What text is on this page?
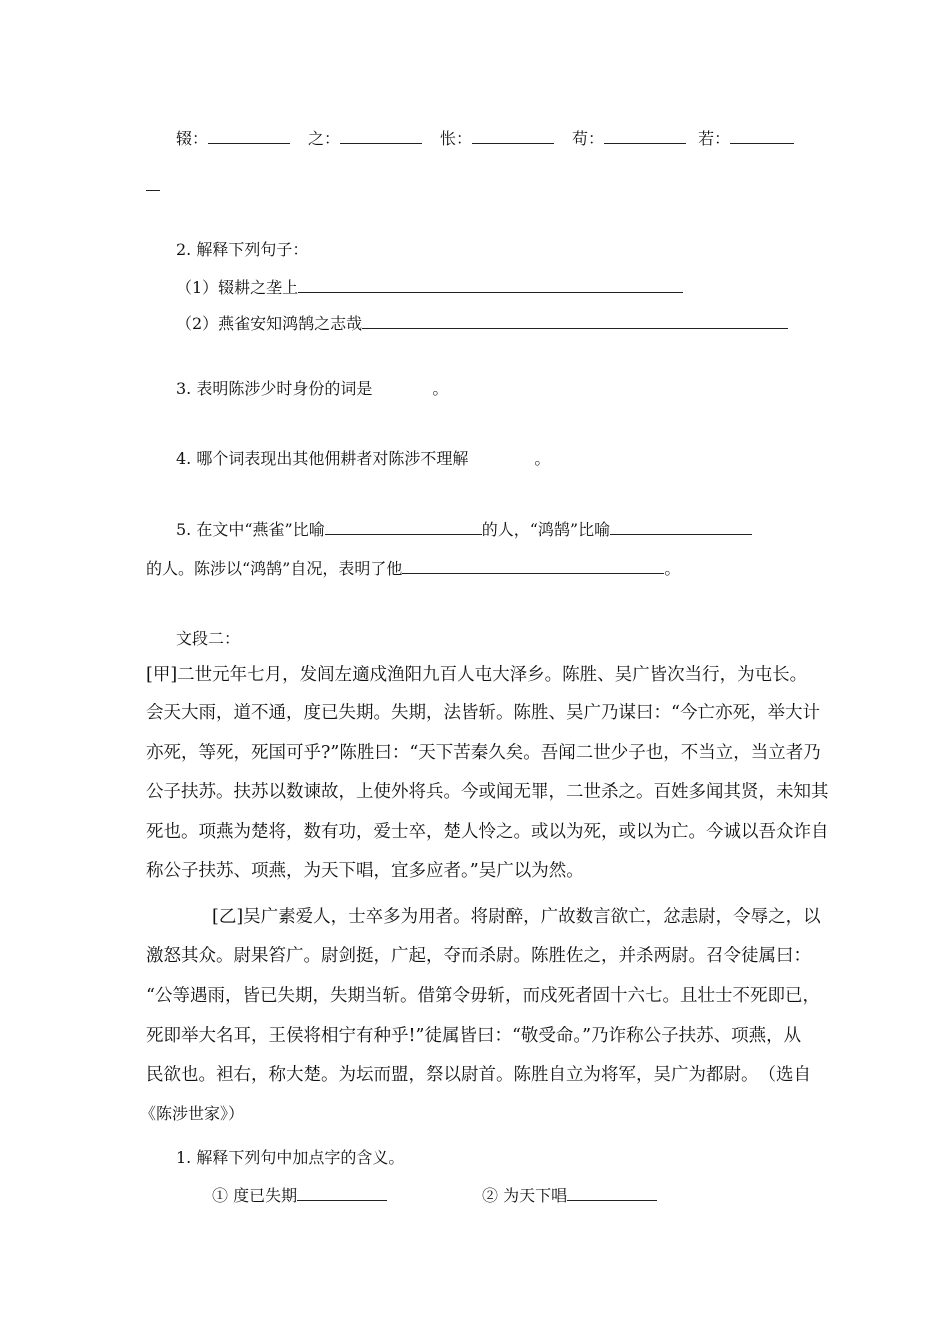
辍：	之：	怅：	苟：	若：
2. 解释下列句子：
（1）辍耕之垄上
（2）燕雀安知鸿鹄之志哉
3. 表明陈涉少时身份的词是	。
4. 哪个词表现出其他佣耕者对陈涉不理解	。
5. 在文中“燕雀”比喻	的人，“鸿鹄”比喻
的人。陈涉以“鸿鹄”自况，表明了他	。
文段二：
[甲]二世元年七月，发闾左適戍渔阳九百人屯大泽乡。陈胜、吴广皆次当行，为屯长。
会天大雨，道不通，度已失期。失期，法皆斩。陈胜、吴广乃谋曰：“今亡亦死，举大计
亦死，等死，死国可乎?”陈胜曰：“天下苦秦久矣。吾闻二世少子也，不当立，当立者乃
公子扶苏。扶苏以数谏故，上使外将兵。今或闻无罪，二世杀之。百姓多闻其贤，未知其
死也。项燕为楚将，数有功，爱士卒，楚人怜之。或以为死，或以为亡。今诚以吾众诈自
称公子扶苏、项燕，为天下唱，宜多应者。”吴广以为然。
[乙]吴广素爱人，士卒多为用者。将尉醉，广故数言欲亡，忿恚尉，令辱之，以
激怒其众。尉果笞广。尉剑挺，广起，夺而杀尉。陈胜佐之，并杀两尉。召令徒属曰：
“公等遇雨，皆已失期，失期当斩。借第令毋斩，而戍死者固十六七。且壮士不死即已，
死即举大名耳，王侯将相宁有种乎!”徒属皆曰：“敬受命。”乃诈称公子扶苏、项燕，从
民欲也。袒右，称大楚。为坛而盟，祭以尉首。陈胜自立为将军，吴广为都尉。　（选自
《陈涉世家》）
1. 解释下列句中加点字的含义。
① 度已失期	② 为天下唱
